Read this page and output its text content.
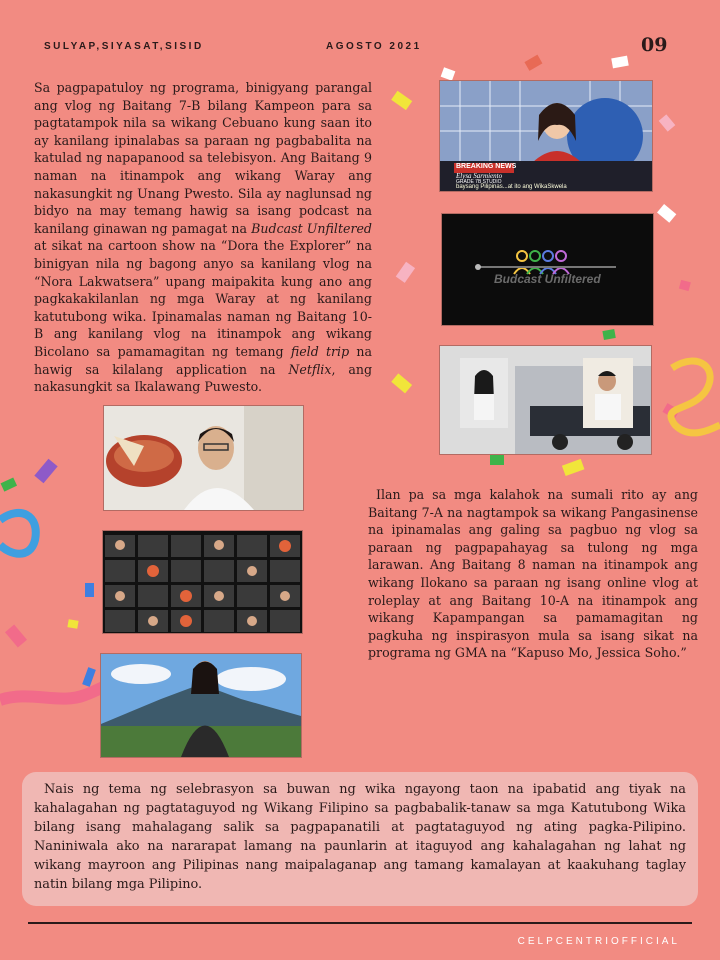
SULYAP,SIYASAT,SISID	AGOSTO 2021	09

Sa pagpapatuloy ng programa, binigyang parangal ang vlog ng Baitang 7-B bilang Kampeon para sa pagtatampok nila sa wikang Cebuano kung saan ito ay kanilang ipinalabas sa paraan ng pagbabalita na katulad ng napapanood sa telebisyon. Ang Baitang 9 naman na itinampok ang wikang Waray ang nakasungkit ng Unang Pwesto. Sila ay naglunsad ng bidyo na may temang hawig sa isang podcast na kanilang ginawan ng pamagat na Budcast Unfiltered at sikat na cartoon show na “Dora the Explorer” na binigyan nila ng bagong anyo sa kanilang vlog na “Nora Lakwatsera” upang maipakita kung ano ang pagkakakilanlan ng mga Waray at ng kanilang katutubong wika. Ipinamalas naman ng Baitang 10-B ang kanilang vlog na itinampok ang wikang Bicolano sa pamamagitan ng temang field trip na hawig sa kilalang application na Netflix, ang nakasungkit sa Ikalawang Puwesto.

BREAKING NEWS
Elysa Sarmiento
GRADE 7B STUDIO
baysang Pilipinas...at ito ang WikaSkwela
Budcast Unfiltered

Ilan pa sa mga kalahok na sumali rito ay ang Baitang 7-A na nagtampok sa wikang Pangasinense na ipinamalas ang galing sa pagbuo ng vlog sa paraan ng pagpapahayag sa tulong ng mga larawan. Ang Baitang 8 naman na itinampok ang wikang Ilokano sa paraan ng isang online vlog at roleplay at ang Baitang 10-A na itinampok ang wikang Kapampangan sa pamamagitan ng pagkuha ng inspirasyon mula sa isang sikat na programa ng GMA na “Kapuso Mo, Jessica Soho.”

Nais ng tema ng selebrasyon sa buwan ng wika ngayong taon na ipabatid ang tiyak na kahalagahan ng pagtataguyod ng Wikang Filipino sa pagbabalik-tanaw sa mga Katutubong Wika bilang isang mahalagang salik sa pagpapanatili at pagtataguyod ng ating pagka-Pilipino. Naniniwala ako na nararapat lamang na paunlarin at itaguyod ang kahalagahan ng lahat ng wikang mayroon ang Pilipinas nang maipalaganap ang tamang kamalayan at kaakuhang taglay natin bilang mga Pilipino.

CELPCENTRIOFFICIAL
